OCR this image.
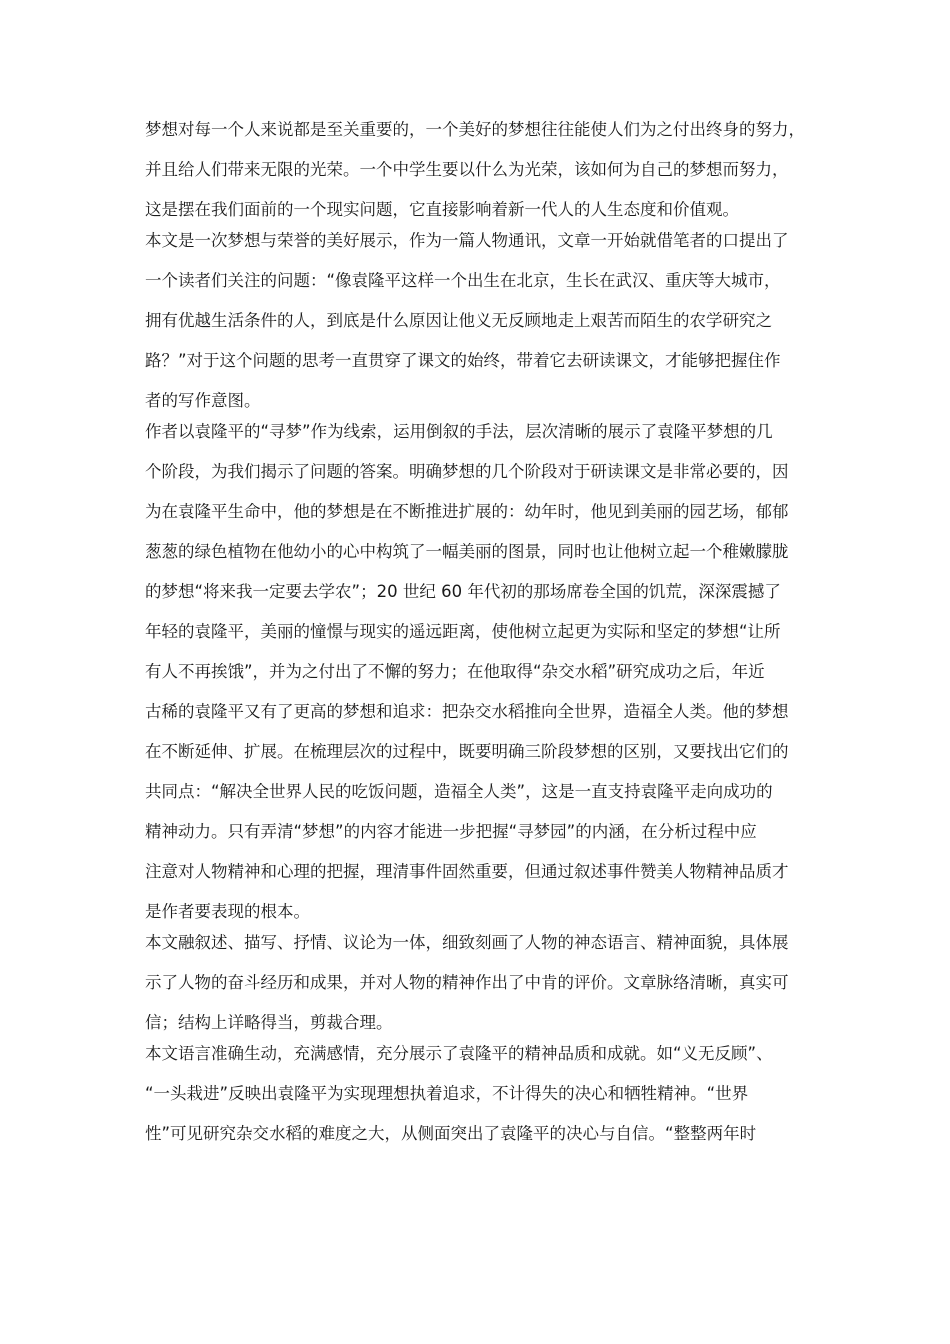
梦想对每一个人来说都是至关重要的，一个美好的梦想往往能使人们为之付出终身的努力，
并且给人们带来无限的光荣。一个中学生要以什么为光荣，该如何为自己的梦想而努力，
这是摆在我们面前的一个现实问题，它直接影响着新一代人的人生态度和价值观。
本文是一次梦想与荣誉的美好展示，作为一篇人物通讯，文章一开始就借笔者的口提出了
一个读者们关注的问题：“像袁隆平这样一个出生在北京，生长在武汉、重庆等大城市，
拥有优越生活条件的人，到底是什么原因让他义无反顾地走上艰苦而陌生的农学研究之
路？”对于这个问题的思考一直贯穿了课文的始终，带着它去研读课文，才能够把握住作
者的写作意图。
作者以袁隆平的“寻梦”作为线索，运用倒叙的手法，层次清晰的展示了袁隆平梦想的几
个阶段，为我们揭示了问题的答案。明确梦想的几个阶段对于研读课文是非常必要的，因
为在袁隆平生命中，他的梦想是在不断推进扩展的：幼年时，他见到美丽的园艺场，郁郁
葱葱的绿色植物在他幼小的心中构筑了一幅美丽的图景，同时也让他树立起一个稚嫩朦胧
的梦想“将来我一定要去学农”；20 世纪 60 年代初的那场席卷全国的饥荒，深深震撼了
年轻的袁隆平，美丽的憧憬与现实的遥远距离，使他树立起更为实际和坚定的梦想“让所
有人不再挨饿”，并为之付出了不懈的努力；在他取得“杂交水稻”研究成功之后，年近
古稀的袁隆平又有了更高的梦想和追求：把杂交水稻推向全世界，造福全人类。他的梦想
在不断延伸、扩展。在梳理层次的过程中，既要明确三阶段梦想的区别，又要找出它们的
共同点：“解决全世界人民的吃饭问题，造福全人类”，这是一直支持袁隆平走向成功的
精神动力。只有弄清“梦想”的内容才能进一步把握“寻梦园”的内涵，在分析过程中应
注意对人物精神和心理的把握，理清事件固然重要，但通过叙述事件赞美人物精神品质才
是作者要表现的根本。
本文融叙述、描写、抒情、议论为一体，细致刻画了人物的神态语言、精神面貌，具体展
示了人物的奋斗经历和成果，并对人物的精神作出了中肯的评价。文章脉络清晰，真实可
信；结构上详略得当，剪裁合理。
本文语言准确生动，充满感情，充分展示了袁隆平的精神品质和成就。如“义无反顾”、
“一头栽进”反映出袁隆平为实现理想执着追求，不计得失的决心和牺牲精神。“世界
性”可见研究杂交水稻的难度之大，从侧面突出了袁隆平的决心与自信。“整整两年时
